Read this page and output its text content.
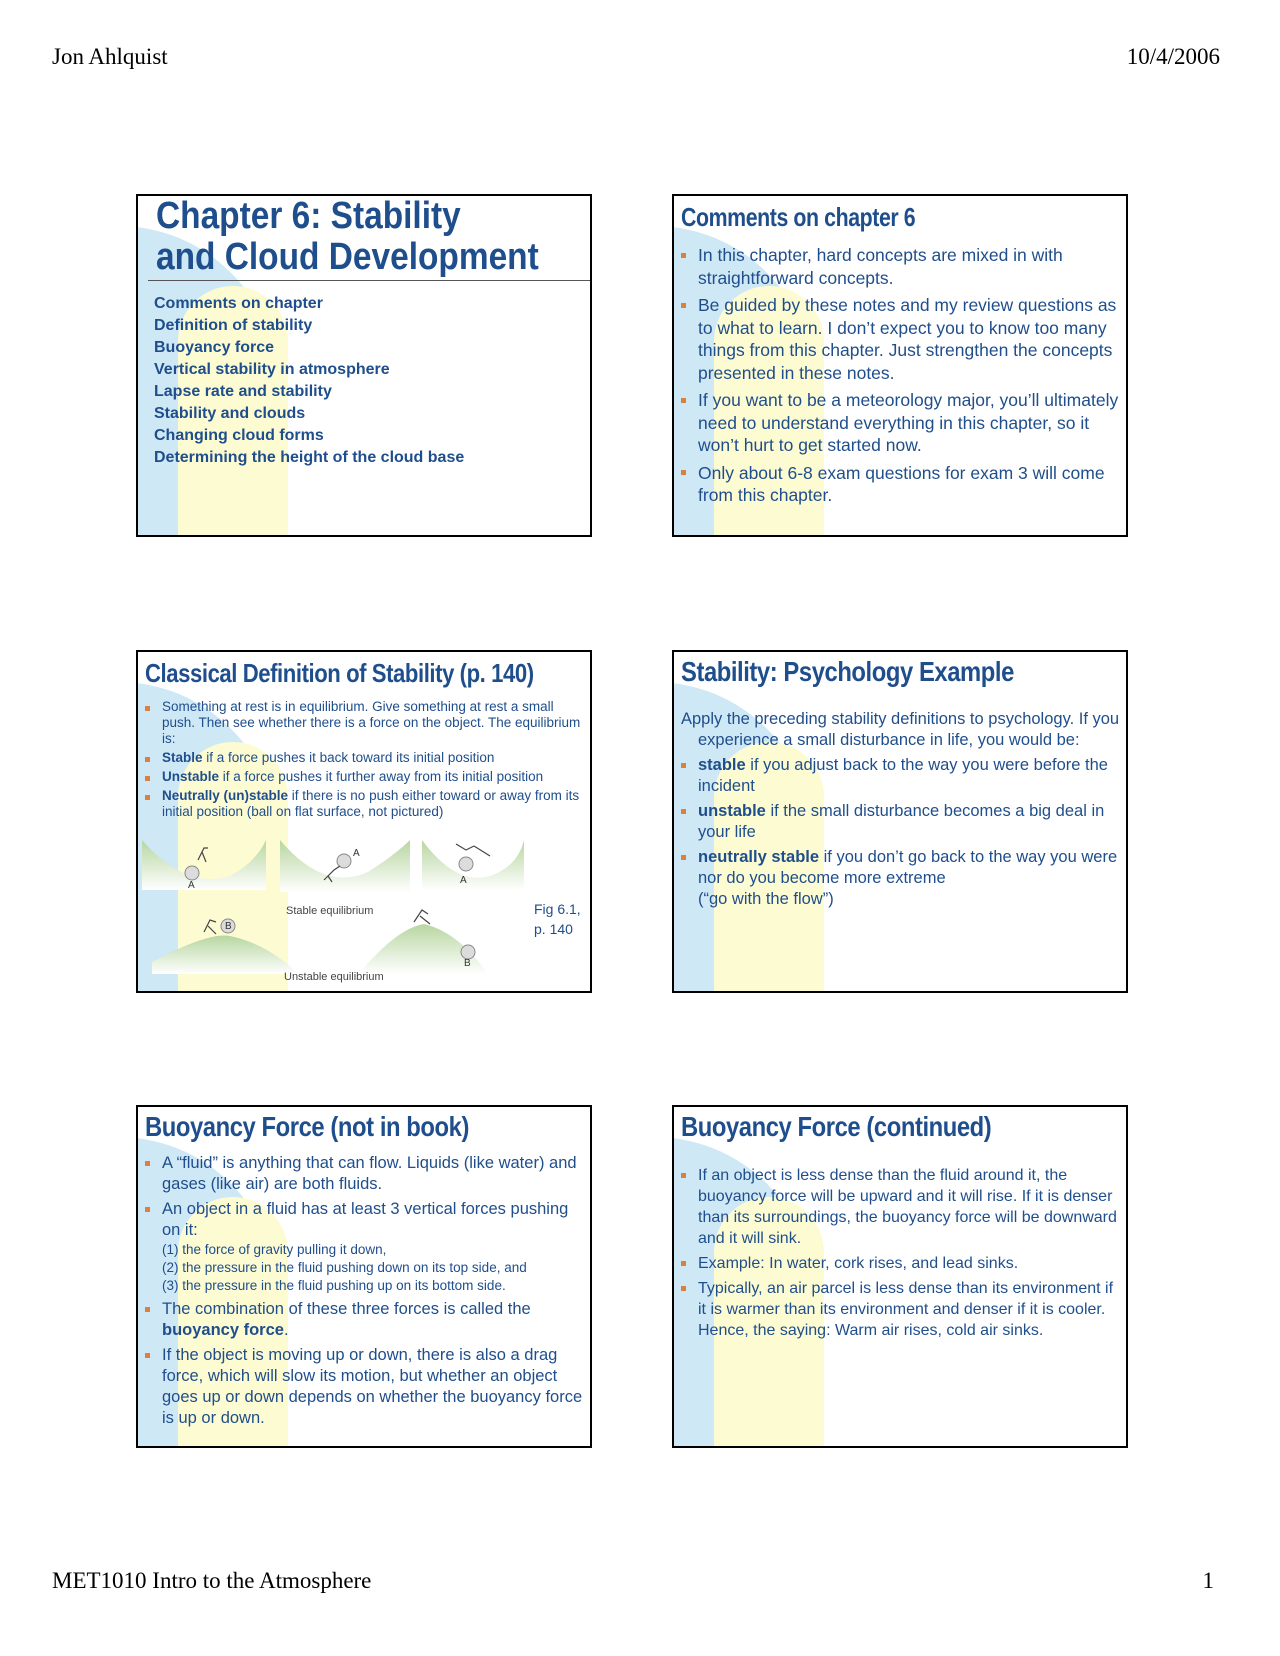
Jon Ahlquist	10/4/2006
Chapter 6: Stability
and Cloud Development
Comments on chapter
Definition of stability
Buoyancy force
Vertical stability in atmosphere
Lapse rate and stability
Stability and clouds
Changing cloud forms
Determining the height of the cloud base
Comments on chapter 6
In this chapter, hard concepts are mixed in with straightforward concepts.
Be guided by these notes and my review questions as to what to learn. I don’t expect you to know too many things from this chapter. Just strengthen the concepts presented in these notes.
If you want to be a meteorology major, you’ll ultimately need to understand everything in this chapter, so it won’t hurt to get started now.
Only about 6-8 exam questions for exam 3 will come from this chapter.
Classical Definition of Stability (p. 140)
Something at rest is in equilibrium. Give something at rest a small push. Then see whether there is a force on the object. The equilibrium is:
Stable if a force pushes it back toward its initial position
Unstable if a force pushes it further away from its initial position
Neutrally (un)stable if there is no push either toward or away from its initial position (ball on flat surface, not pictured)
A
A
A
Stable equilibrium
B
B
Unstable equilibrium
Fig 6.1,
p. 140
Stability: Psychology Example
Apply the preceding stability definitions to psychology. If you experience a small disturbance in life, you would be:
stable if you adjust back to the way you were before the incident
unstable if the small disturbance becomes a big deal in your life
neutrally stable if you don’t go back to the way you were nor do you become more extreme
(“go with the flow”)
Buoyancy Force (not in book)
A “fluid” is anything that can flow. Liquids (like water) and gases (like air) are both fluids.
An object in a fluid has at least 3 vertical forces pushing on it:
(1) the force of gravity pulling it down,
(2) the pressure in the fluid pushing down on its top side, and
(3) the pressure in the fluid pushing up on its bottom side.
The combination of these three forces is called the buoyancy force.
If the object is moving up or down, there is also a drag force, which will slow its motion, but whether an object goes up or down depends on whether the buoyancy force is up or down.
Buoyancy Force (continued)
If an object is less dense than the fluid around it, the buoyancy force will be upward and it will rise. If it is denser than its surroundings, the buoyancy force will be downward and it will sink.
Example: In water, cork rises, and lead sinks.
Typically, an air parcel is less dense than its environment if it is warmer than its environment and denser if it is cooler. Hence, the saying: Warm air rises, cold air sinks.
MET1010 Intro to the Atmosphere	1
